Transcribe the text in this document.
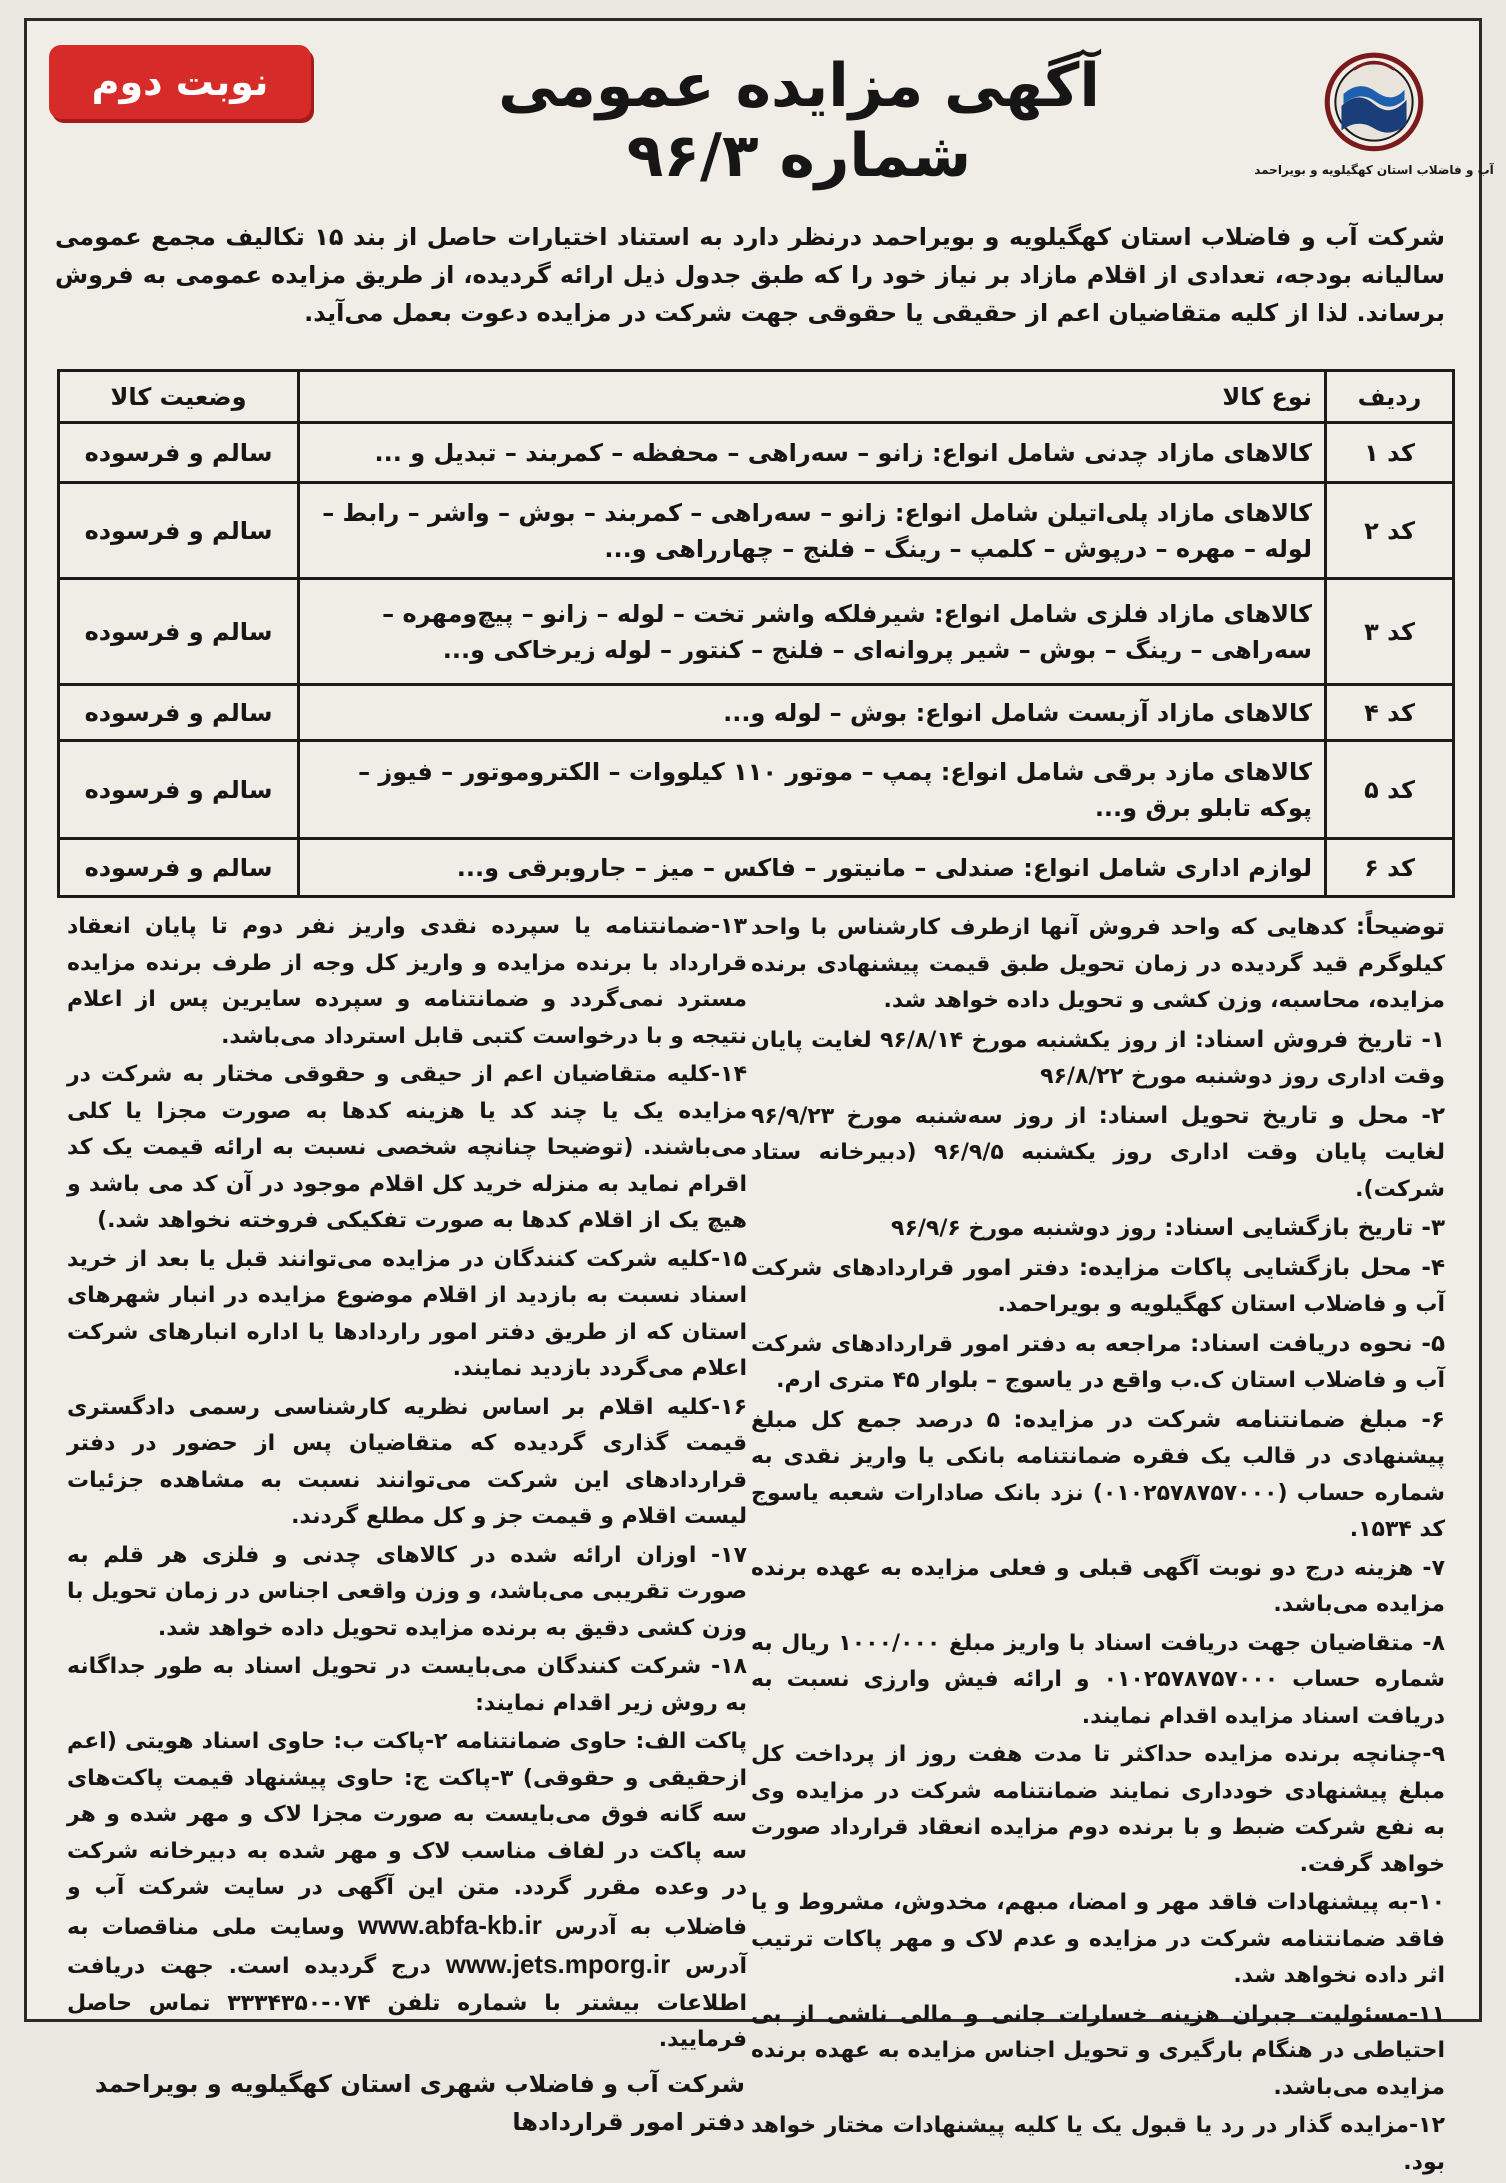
آب و فاضلاب استان کهگیلویه و بویراحمد
آگهی مزایده عمومی شماره ۹۶/۳
نوبت دوم

شرکت آب و فاضلاب استان کهگیلویه و بویراحمد درنظر دارد به استناد اختیارات حاصل از بند ۱۵ تکالیف مجمع عمومی سالیانه بودجه، تعدادی از اقلام مازاد بر نیاز خود را که طبق جدول ذیل ارائه گردیده، از طریق مزایده عمومی به فروش برساند. لذا از کلیه متقاضیان اعم از حقیقی یا حقوقی جهت شرکت در مزایده دعوت بعمل می‌آید.

ردیف	نوع کالا	وضعیت کالا
کد ۱	کالاهای مازاد چدنی شامل انواع: زانو – سه‌راهی – محفظه – کمربند – تبدیل و ...	سالم و فرسوده
کد ۲	کالاهای مازاد پلی‌اتیلن شامل انواع: زانو – سه‌راهی – کمربند – بوش – واشر – رابط – لوله – مهره – درپوش – کلمپ – رینگ – فلنج – چهارراهی و...	سالم و فرسوده
کد ۳	کالاهای مازاد فلزی شامل انواع: شیرفلکه واشر تخت – لوله – زانو – پیچ‌ومهره – سه‌راهی – رینگ – بوش – شیر پروانه‌ای – فلنج – کنتور – لوله زیرخاکی و...	سالم و فرسوده
کد ۴	کالاهای مازاد آزبست شامل انواع: بوش – لوله و...	سالم و فرسوده
کد ۵	کالاهای مازد برقی شامل انواع: پمپ – موتور ۱۱۰ کیلووات – الکتروموتور – فیوز – پوکه تابلو برق و...	سالم و فرسوده
کد ۶	لوازم اداری شامل انواع: صندلی – مانیتور – فاکس – میز – جاروبرقی و...	سالم و فرسوده

توضیحاً: کدهایی که واحد فروش آنها ازطرف کارشناس با واحد کیلوگرم قید گردیده در زمان تحویل طبق قیمت پیشنهادی برنده مزایده، محاسبه، وزن کشی و تحویل داده خواهد شد.

۱- تاریخ فروش اسناد: از روز یکشنبه مورخ ۹۶/۸/۱۴ لغایت پایان وقت اداری روز دوشنبه مورخ ۹۶/۸/۲۲

۲- محل و تاریخ تحویل اسناد: از روز سه‌شنبه مورخ ۹۶/۹/۲۳ لغایت پایان وقت اداری روز یکشنبه ۹۶/۹/۵ (دبیرخانه ستاد شرکت).

۳- تاریخ بازگشایی اسناد: روز دوشنبه مورخ ۹۶/۹/۶

۴- محل بازگشایی پاکات مزایده: دفتر امور قراردادهای شرکت آب و فاضلاب استان کهگیلویه و بویراحمد.

۵- نحوه دریافت اسناد: مراجعه به دفتر امور قراردادهای شرکت آب و فاضلاب استان ک.ب واقع در یاسوج – بلوار ۴۵ متری ارم.

۶- مبلغ ضمانتنامه شرکت در مزایده: ۵ درصد جمع کل مبلغ پیشنهادی در قالب یک فقره ضمانتنامه بانکی یا واریز نقدی به شماره حساب (۰۱۰۲۵۷۸۷۵۷۰۰۰) نزد بانک صادارات شعبه یاسوج کد ۱۵۳۴.

۷- هزینه درج دو نوبت آگهی قبلی و فعلی مزایده به عهده برنده مزایده می‌باشد.

۸- متقاضیان جهت دریافت اسناد با واریز مبلغ ۱۰۰۰/۰۰۰ ریال به شماره حساب ۰۱۰۲۵۷۸۷۵۷۰۰۰ و ارائه فیش وارزی نسبت به دریافت اسناد مزایده اقدام نمایند.

۹-چنانچه برنده مزایده حداکثر تا مدت هفت روز از پرداخت کل مبلغ پیشنهادی خودداری نمایند ضمانتنامه شرکت در مزایده وی به نفع شرکت ضبط و با برنده دوم مزایده انعقاد قرارداد صورت خواهد گرفت.

۱۰-به پیشنهادات فاقد مهر و امضا، مبهم، مخدوش، مشروط و یا فاقد ضمانتنامه شرکت در مزایده و عدم لاک و مهر پاکات ترتیب اثر داده نخواهد شد.

۱۱-مسئولیت جبران هزینه خسارات جانی و مالی ناشی از بی احتیاطی در هنگام بارگیری و تحویل اجناس مزایده به عهده برنده مزایده می‌باشد.

۱۲-مزایده گذار در رد یا قبول یک یا کلیه پیشنهادات مختار خواهد بود.

۱۳-ضمانتنامه یا سپرده نقدی واریز نفر دوم تا پایان انعقاد قرارداد با برنده مزایده و واریز کل وجه از طرف برنده مزایده مسترد نمی‌گردد و ضمانتنامه و سپرده سایرین پس از اعلام نتیجه و با درخواست کتبی قابل استرداد می‌باشد.

۱۴-کلیه متقاضیان اعم از حیقی و حقوقی مختار به شرکت در مزایده یک یا چند کد یا هزینه کدها به صورت مجزا یا کلی می‌باشند. (توضیحا چنانچه شخصی نسبت به ارائه قیمت یک کد اقرام نماید به منزله خرید کل اقلام موجود در آن کد می باشد و هیچ یک از اقلام کدها به صورت تفکیکی فروخته نخواهد شد.)

۱۵-کلیه شرکت کنندگان در مزایده می‌توانند قبل یا بعد از خرید اسناد نسبت به بازدید از اقلام موضوع مزایده در انبار شهرهای استان که از طریق دفتر امور راردادها یا اداره انبارهای شرکت اعلام می‌گردد بازدید نمایند.

۱۶-کلیه اقلام بر اساس نظریه کارشناسی رسمی دادگستری قیمت گذاری گردیده که متقاضیان پس از حضور در دفتر قراردادهای این شرکت می‌توانند نسبت به مشاهده جزئیات لیست اقلام و قیمت جز و کل مطلع گردند.

۱۷- اوزان ارائه شده در کالاهای چدنی و فلزی هر قلم به صورت تقریبی می‌باشد، و وزن واقعی اجناس در زمان تحویل با وزن کشی دقیق به برنده مزایده تحویل داده خواهد شد.

۱۸- شرکت کنندگان می‌بایست در تحویل اسناد به طور جداگانه به روش زیر اقدام نمایند:

پاکت الف: حاوی ضمانتنامه ۲-پاکت ب: حاوی اسناد هویتی (اعم ازحقیقی و حقوقی) ۳-پاکت ج: حاوی پیشنهاد قیمت پاکت‌های سه گانه فوق می‌بایست به صورت مجزا لاک و مهر شده و هر سه پاکت در لفاف مناسب لاک و مهر شده به دبیرخانه شرکت در وعده مقرر گردد. متن این آگهی در سایت شرکت آب و فاضلاب به آدرس www.abfa-kb.ir وسایت ملی مناقصات به آدرس www.jets.mporg.ir درج گردیده است. جهت دریافت اطلاعات بیشتر با شماره تلفن ۰۷۴-۳۳۳۴۳۵۰ تماس حاصل فرمایید.

شرکت آب و فاضلاب شهری استان کهگیلویه و بویراحمد
دفتر امور قراردادها
